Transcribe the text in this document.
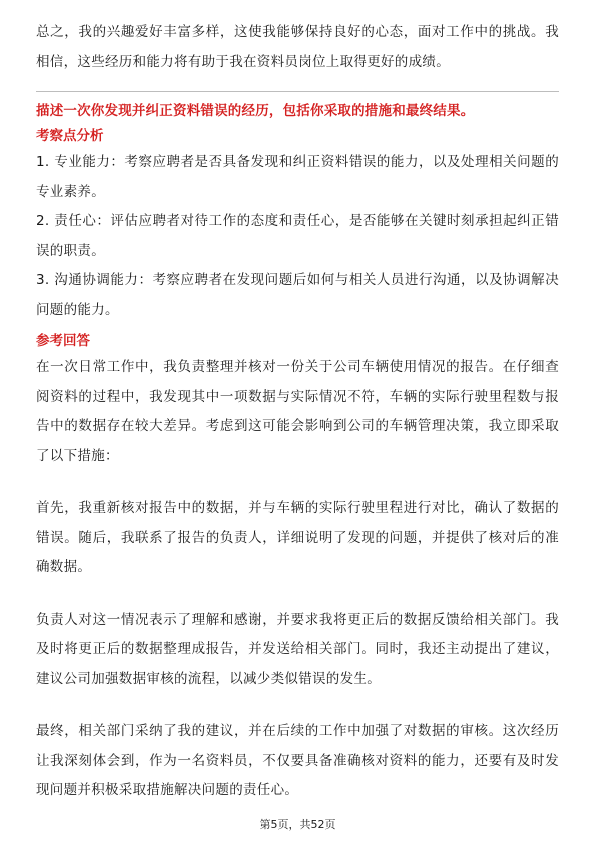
总之，我的兴趣爱好丰富多样，这使我能够保持良好的心态，面对工作中的挑战。我相信，这些经历和能力将有助于我在资料员岗位上取得更好的成绩。

描述一次你发现并纠正资料错误的经历，包括你采取的措施和最终结果。

考察点分析

1. 专业能力：考察应聘者是否具备发现和纠正资料错误的能力，以及处理相关问题的专业素养。

2. 责任心：评估应聘者对待工作的态度和责任心，是否能够在关键时刻承担起纠正错误的职责。

3. 沟通协调能力：考察应聘者在发现问题后如何与相关人员进行沟通，以及协调解决问题的能力。

参考回答

在一次日常工作中，我负责整理并核对一份关于公司车辆使用情况的报告。在仔细查阅资料的过程中，我发现其中一项数据与实际情况不符，车辆的实际行驶里程数与报告中的数据存在较大差异。考虑到这可能会影响到公司的车辆管理决策，我立即采取了以下措施：

首先，我重新核对报告中的数据，并与车辆的实际行驶里程进行对比，确认了数据的错误。随后，我联系了报告的负责人，详细说明了发现的问题，并提供了核对后的准确数据。

负责人对这一情况表示了理解和感谢，并要求我将更正后的数据反馈给相关部门。我及时将更正后的数据整理成报告，并发送给相关部门。同时，我还主动提出了建议，建议公司加强数据审核的流程，以减少类似错误的发生。

最终，相关部门采纳了我的建议，并在后续的工作中加强了对数据的审核。这次经历让我深刻体会到，作为一名资料员，不仅要具备准确核对资料的能力，还要有及时发现问题并积极采取措施解决问题的责任心。

第5页，共52页
